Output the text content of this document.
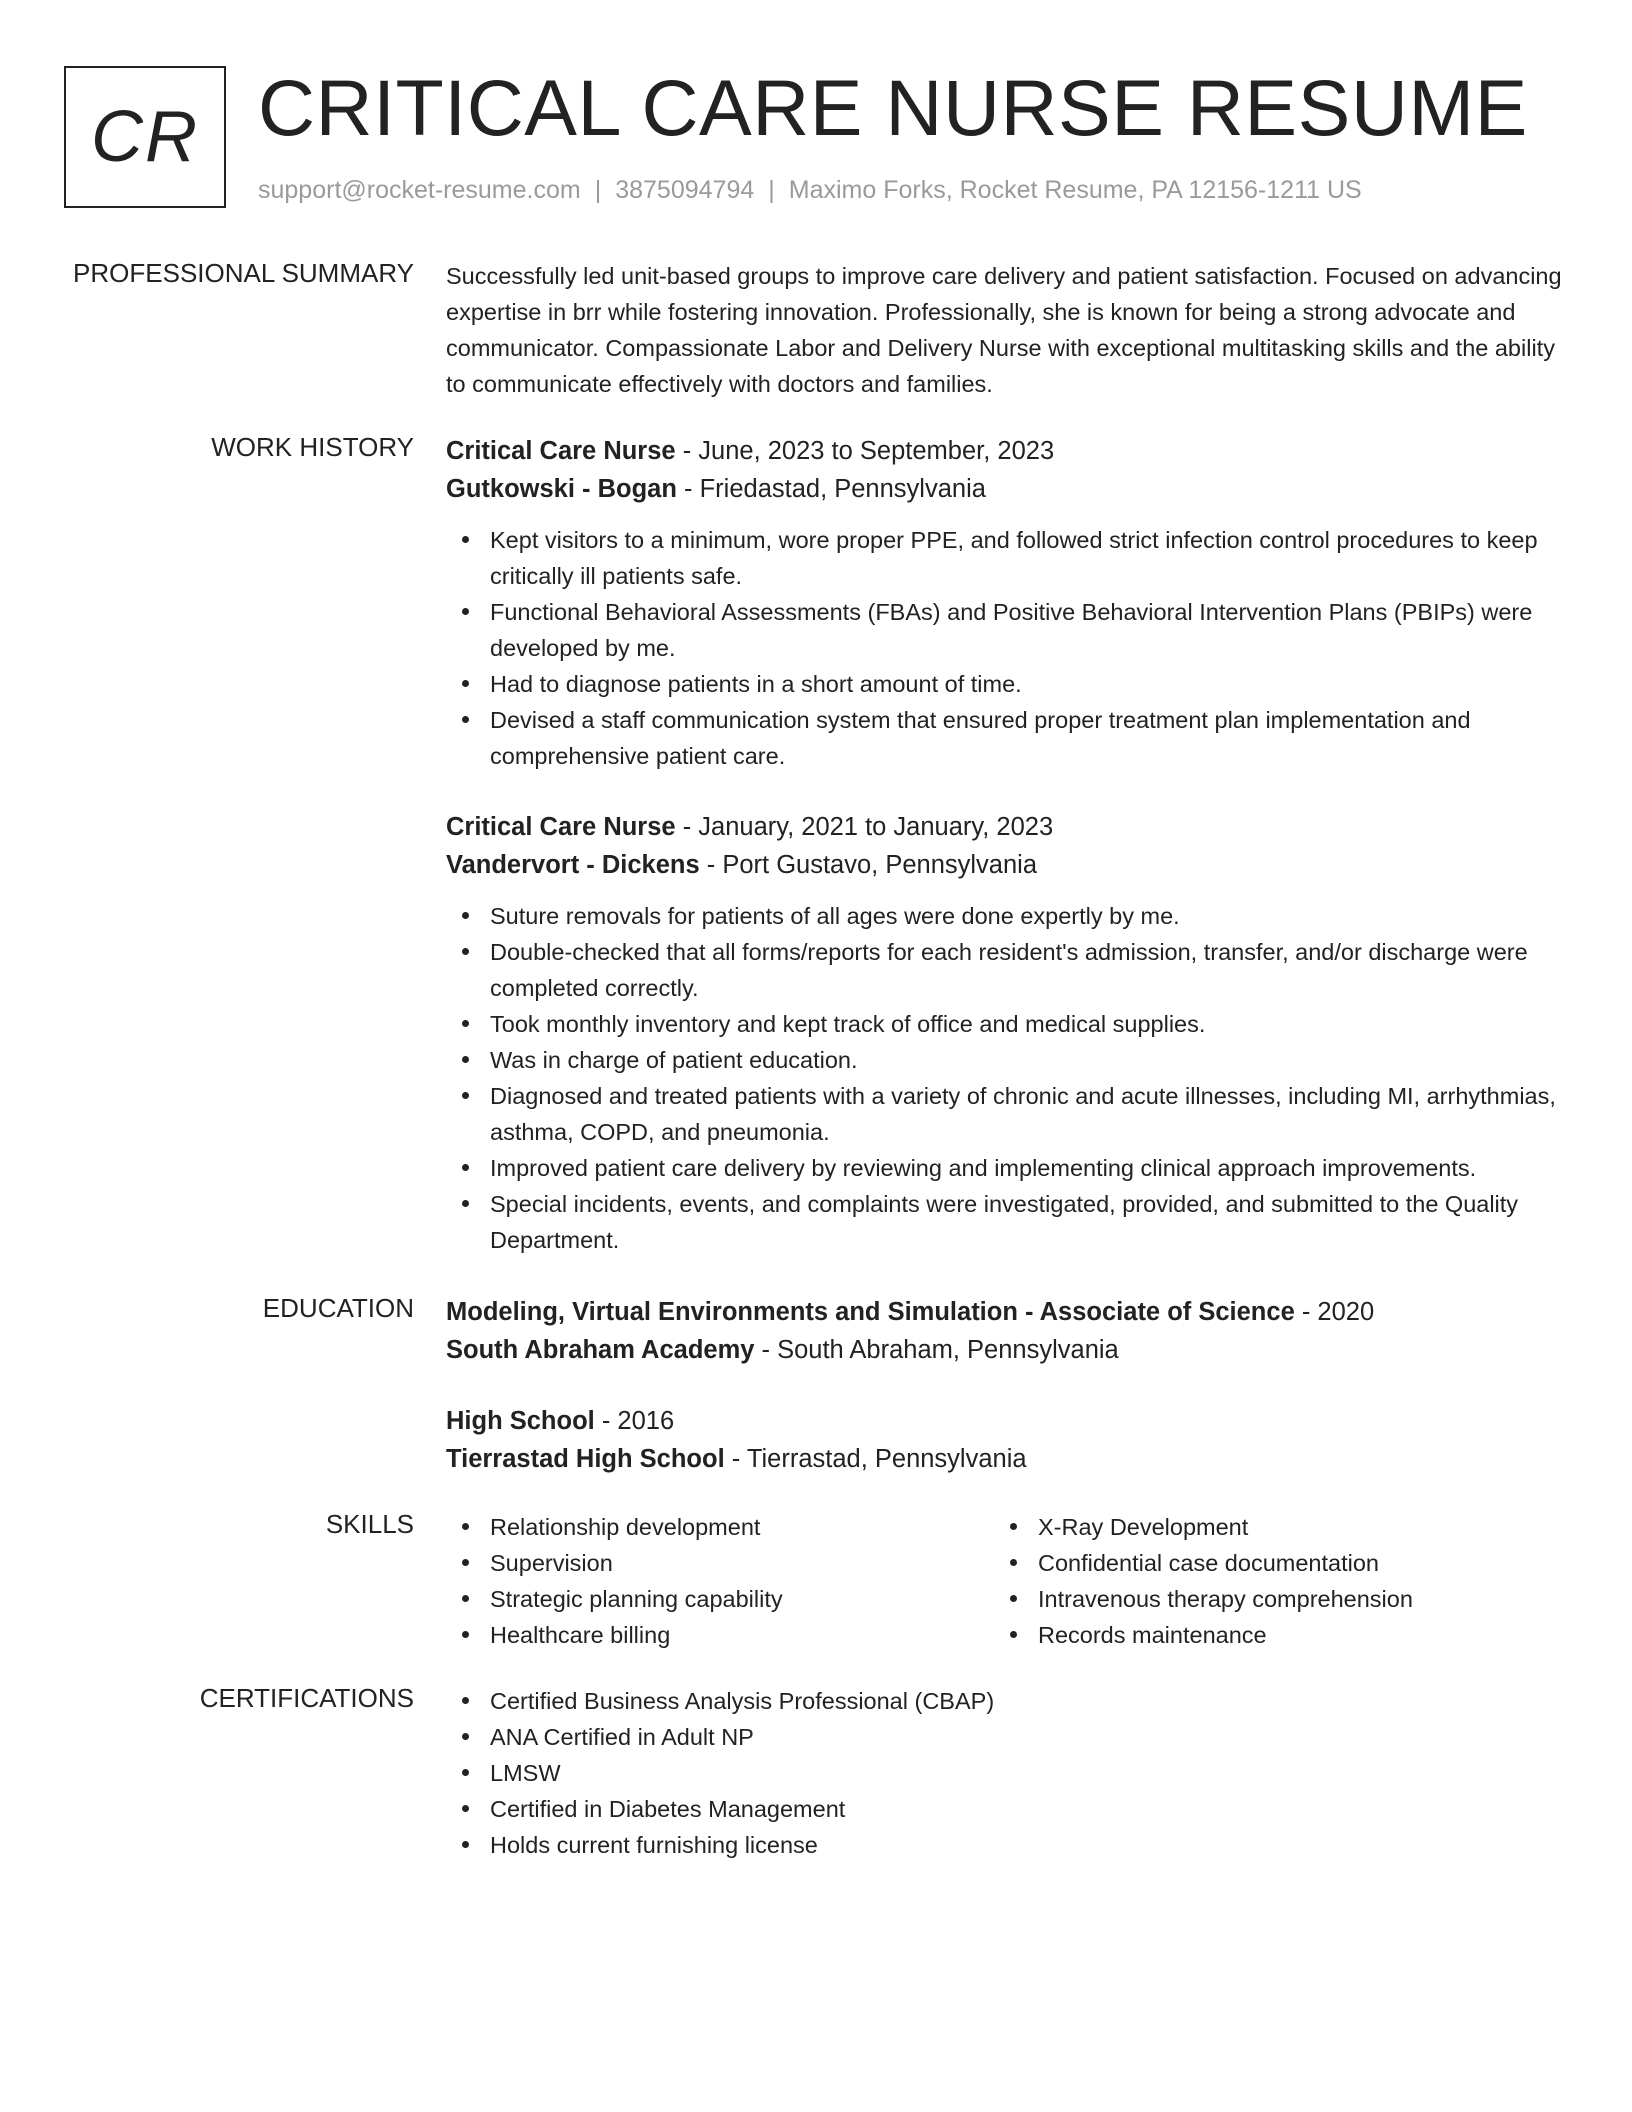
CR CRITICAL CARE NURSE RESUME
support@rocket-resume.com | 3875094794 | Maximo Forks, Rocket Resume, PA 12156-1211 US
PROFESSIONAL SUMMARY Successfully led unit-based groups to improve care delivery and patient satisfaction. Focused on advancing expertise in brr while fostering innovation. Professionally, she is known for being a strong advocate and communicator. Compassionate Labor and Delivery Nurse with exceptional multitasking skills and the ability to communicate effectively with doctors and families.

WORK HISTORY Critical Care Nurse - June, 2023 to September, 2023
Gutkowski - Bogan - Friedastad, Pennsylvania
Kept visitors to a minimum, wore proper PPE, and followed strict infection control procedures to keep critically ill patients safe.
Functional Behavioral Assessments (FBAs) and Positive Behavioral Intervention Plans (PBIPs) were developed by me.
Had to diagnose patients in a short amount of time.
Devised a staff communication system that ensured proper treatment plan implementation and comprehensive patient care.
Critical Care Nurse - January, 2021 to January, 2023
Vandervort - Dickens - Port Gustavo, Pennsylvania
Suture removals for patients of all ages were done expertly by me.
Double-checked that all forms/reports for each resident's admission, transfer, and/or discharge were completed correctly.
Took monthly inventory and kept track of office and medical supplies.
Was in charge of patient education.
Diagnosed and treated patients with a variety of chronic and acute illnesses, including MI, arrhythmias, asthma, COPD, and pneumonia.
Improved patient care delivery by reviewing and implementing clinical approach improvements.
Special incidents, events, and complaints were investigated, provided, and submitted to the Quality Department.
EDUCATION Modeling, Virtual Environments and Simulation - Associate of Science - 2020
South Abraham Academy - South Abraham, Pennsylvania
High School - 2016
Tierrastad High School - Tierrastad, Pennsylvania
SKILLS	Relationship development
Supervision
Strategic planning capability
Healthcare billing
X-Ray Development
Confidential case documentation
Intravenous therapy comprehension
Records maintenance
CERTIFICATIONS	Certified Business Analysis Professional (CBAP)
ANA Certified in Adult NP
LMSW
Certified in Diabetes Management
Holds current furnishing license
